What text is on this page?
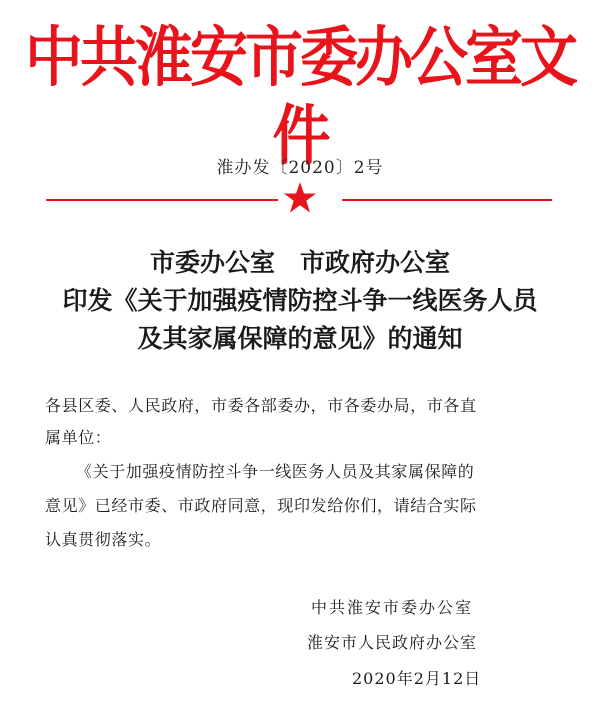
中共淮安市委办公室文件
淮办发〔2020〕2号
市委办公室　市政府办公室
印发《关于加强疫情防控斗争一线医务人员
及其家属保障的意见》的通知
各县区委、人民政府，市委各部委办，市各委办局，市各直
属单位：
《关于加强疫情防控斗争一线医务人员及其家属保障的
意见》已经市委、市政府同意，现印发给你们，请结合实际
认真贯彻落实。
中共淮安市委办公室
淮安市人民政府办公室
2020年2月12日
